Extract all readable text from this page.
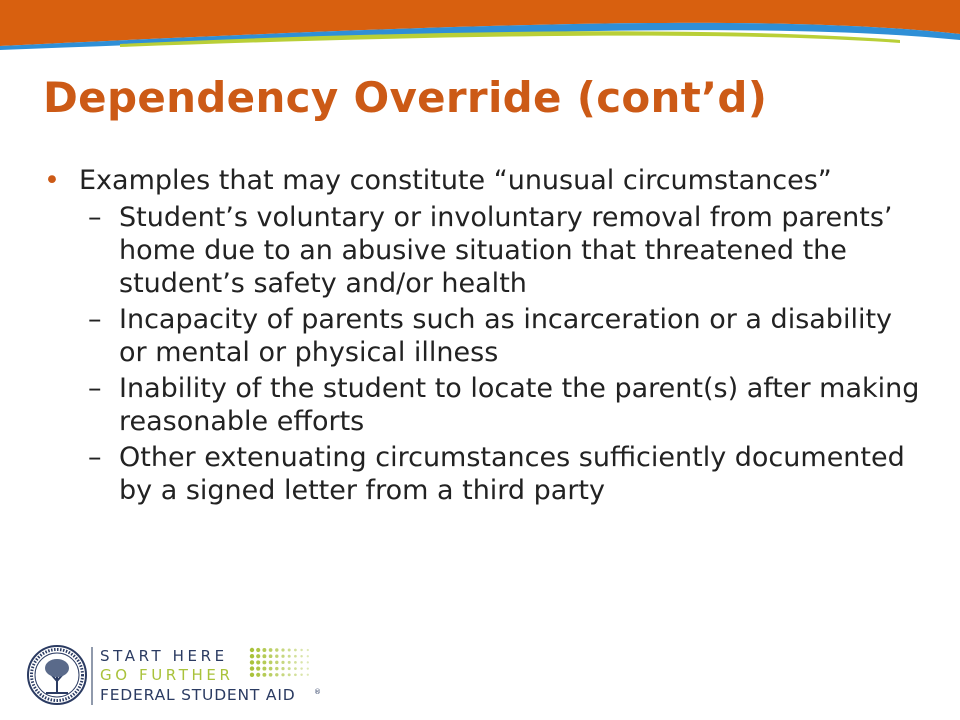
Dependency Override (cont’d)
• Examples that may constitute “unusual circumstances”
– Student’s voluntary or involuntary removal from parents’ home due to an abusive situation that threatened the student’s safety and/or health
– Incapacity of parents such as incarceration or a disability or mental or physical illness
– Inability of the student to locate the parent(s) after making reasonable efforts
– Other extenuating circumstances sufficiently documented by a signed letter from a third party
START HERE
GO FURTHER
FEDERAL STUDENT AID	®
